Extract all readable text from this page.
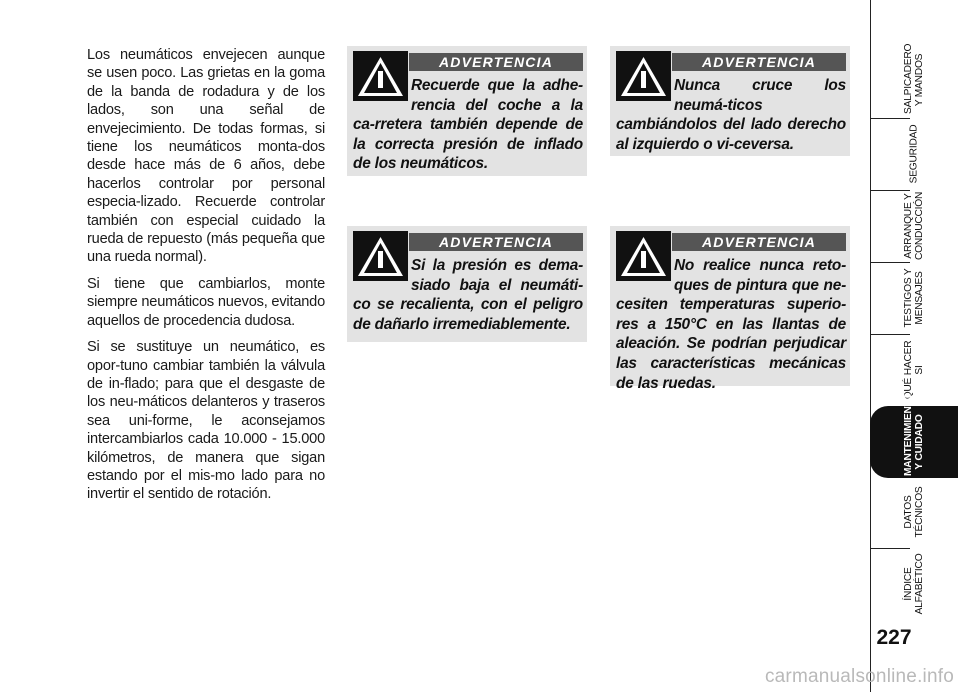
Los neumáticos envejecen aunque se usen poco. Las grietas en la goma de la banda de rodadura y de los lados, son una señal de envejecimiento. De todas formas, si tiene los neumáticos monta-dos desde hace más de 6 años, debe hacerlos controlar por personal especia-lizado. Recuerde controlar también con especial cuidado la rueda de repuesto (más pequeña que una rueda normal).

Si tiene que cambiarlos, monte siempre neumáticos nuevos, evitando aquellos de procedencia dudosa.

Si se sustituye un neumático, es opor-tuno cambiar también la válvula de in-flado; para que el desgaste de los neu-máticos delanteros y traseros sea uni-forme, le aconsejamos intercambiarlos cada 10.000 - 15.000 kilómetros, de manera que sigan estando por el mis-mo lado para no invertir el sentido de rotación.

ADVERTENCIA
Recuerde que la adhe-rencia del coche a la ca-rretera también depende de la correcta presión de inflado de los neumáticos.
ADVERTENCIA
Nunca cruce los neumá-ticos cambiándolos del lado derecho al izquierdo o vi-ceversa.
ADVERTENCIA
Si la presión es dema-siado baja el neumáti-co se recalienta, con el peligro de dañarlo irremediablemente.
ADVERTENCIA
No realice nunca reto-ques de pintura que ne-cesiten temperaturas superio-res a 150°C en las llantas de aleación. Se podrían perjudicar las características mecánicas de las ruedas.
SALPICADERO Y MANDOS
SEGURIDAD
ARRANQUE Y CONDUCCIÓN
TESTIGOS Y MENSAJES
QUÉ HACER SI
MANTENIMIENTO Y CUIDADO
DATOS TÉCNICOS
ÍNDICE ALFABÉTICO
227
carmanualsonline.info
